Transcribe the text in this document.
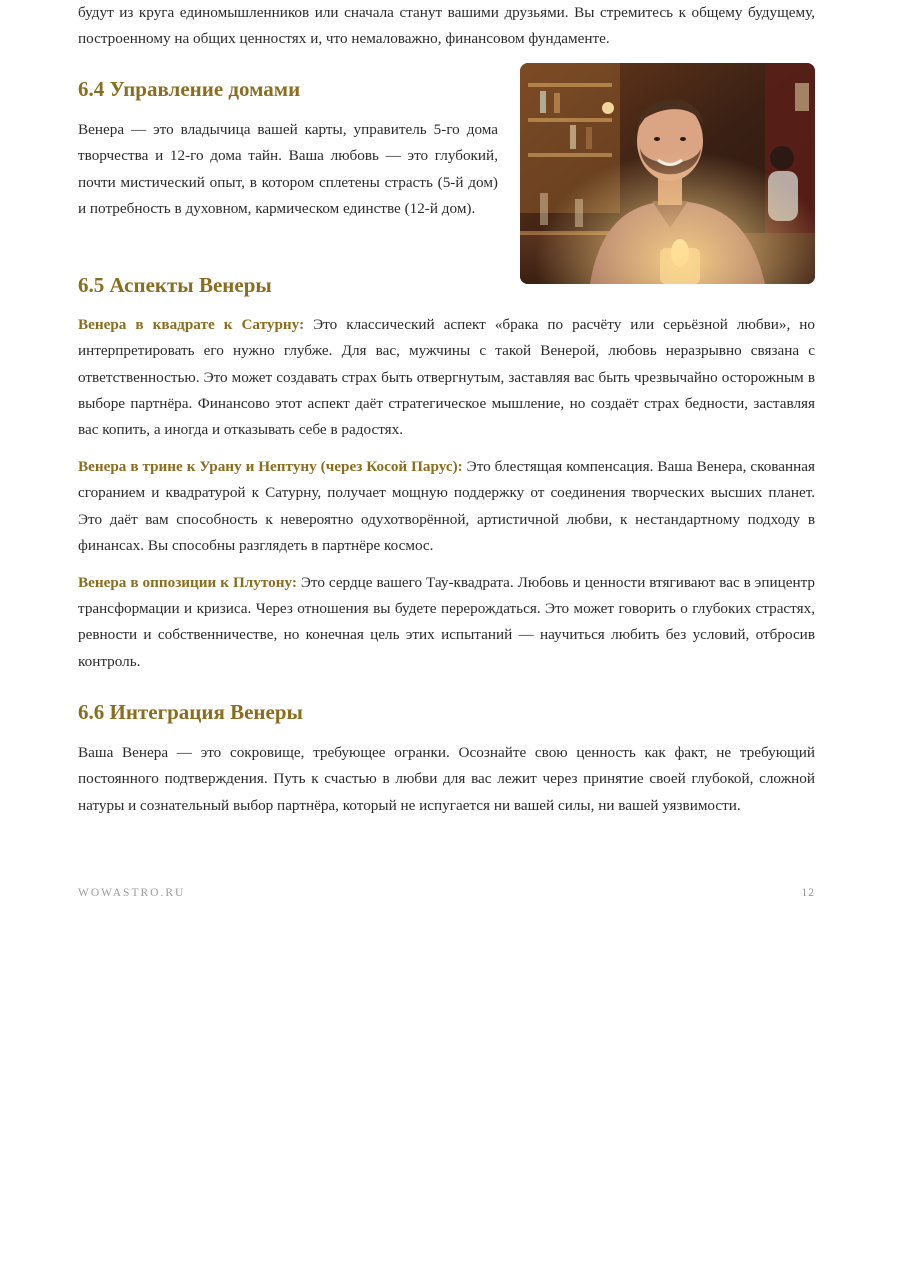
будут из круга единомышленников или сначала станут вашими друзьями. Вы стремитесь к общему будущему, построенному на общих ценностях и, что немаловажно, финансовом фундаменте.

6.4 Управление домами

Венера — это владычица вашей карты, управитель 5-го дома творчества и 12-го дома тайн. Ваша любовь — это глубокий, почти мистический опыт, в котором сплетены страсть (5-й дом) и потребность в духовном, кармическом единстве (12-й дом).

6.5 Аспекты Венеры

Венера в квадрате к Сатурну: Это классический аспект «брака по расчёту или серьёзной любви», но интерпретировать его нужно глубже. Для вас, мужчины с такой Венерой, любовь неразрывно связана с ответственностью. Это может создавать страх быть отвергнутым, заставляя вас быть чрезвычайно осторожным в выборе партнёра. Финансово этот аспект даёт стратегическое мышление, но создаёт страх бедности, заставляя вас копить, а иногда и отказывать себе в радостях.

Венера в трине к Урану и Нептуну (через Косой Парус): Это блестящая компенсация. Ваша Венера, скованная сгоранием и квадратурой к Сатурну, получает мощную поддержку от соединения творческих высших планет. Это даёт вам способность к невероятно одухотворённой, артистичной любви, к нестандартному подходу в финансах. Вы способны разглядеть в партнёре космос.

Венера в оппозиции к Плутону: Это сердце вашего Тау-квадрата. Любовь и ценности втягивают вас в эпицентр трансформации и кризиса. Через отношения вы будете перерождаться. Это может говорить о глубоких страстях, ревности и собственничестве, но конечная цель этих испытаний — научиться любить без условий, отбросив контроль.

6.6 Интеграция Венеры

Ваша Венера — это сокровище, требующее огранки. Осознайте свою ценность как факт, не требующий постоянного подтверждения. Путь к счастью в любви для вас лежит через принятие своей глубокой, сложной натуры и сознательный выбор партнёра, который не испугается ни вашей силы, ни вашей уязвимости.

WOWASTRO.RU	12
